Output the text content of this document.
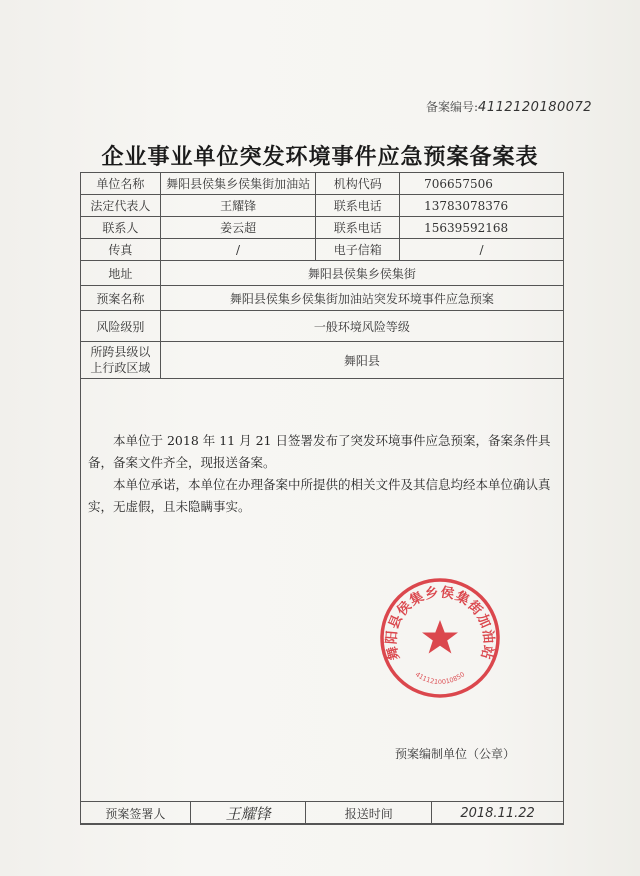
备案编号:4112120180072
企业事业单位突发环境事件应急预案备案表
单位名称	舞阳县侯集乡侯集街加油站	机构代码	706657506
法定代表人	王耀锋	联系电话	13783078376
联系人	姜云超	联系电话	15639592168
传真	/	电子信箱	/
地址	舞阳县侯集乡侯集街		
预案名称	舞阳县侯集乡侯集街加油站突发环境事件应急预案		
风险级别	一般环境风险等级		

所跨县级以
上行政区域	舞阳县		

本单位于 2018 年 11 月 21 日签署发布了突发环境事件应急预案，备案条件具备，备案文件齐全，现报送备案。

本单位承诺，本单位在办理备案中所提供的相关文件及其信息均经本单位确认真实，无虚假，且未隐瞒事实。

舞阳县侯集乡侯集街加油站
4111210010850
预案编制单位（公章）
预案签署人	王耀锋	报送时间	2018.11.22
